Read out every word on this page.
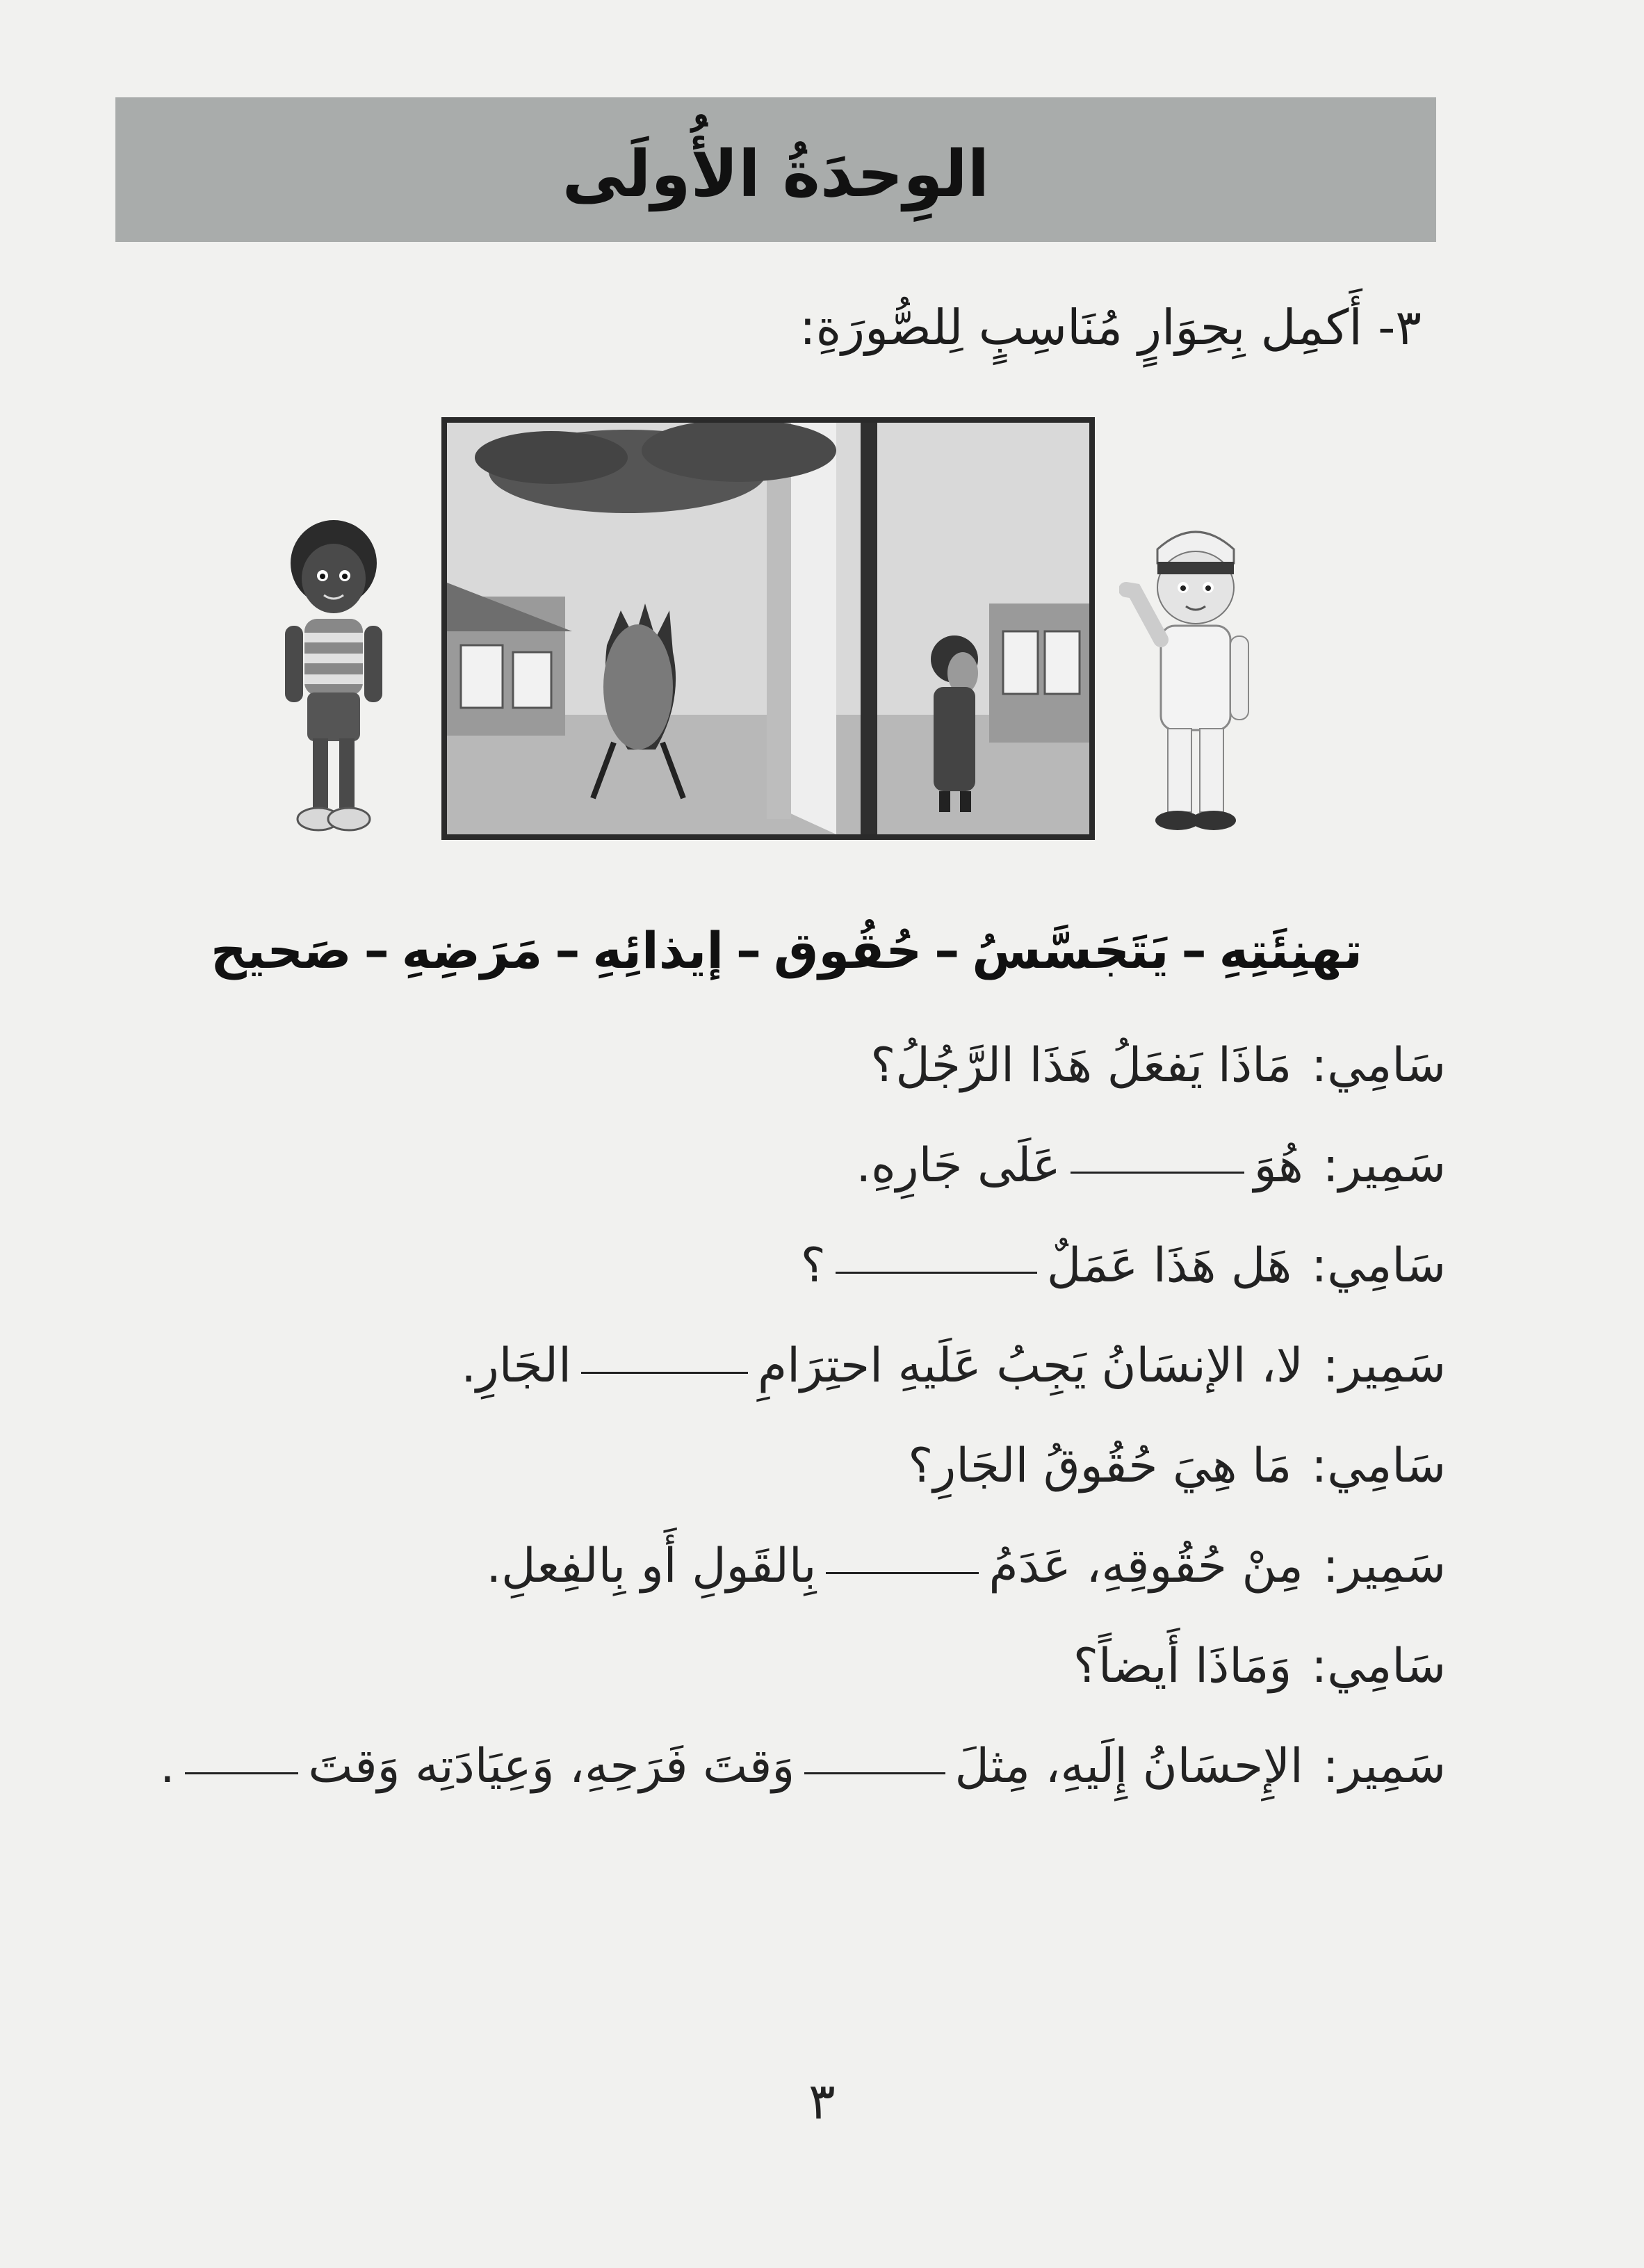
الوِحدَةُ الأُولَى
٣- أَكمِل بِحِوَارٍ مُنَاسِبٍ لِلصُّورَةِ:
تهنِئَتِهِ–يَتَجَسَّسُ–حُقُوق–إيذائِهِ–مَرَضِهِ–صَحيح
سَامِي:
مَاذَا يَفعَلُ هَذَا الرَّجُلُ؟
سَمِير:
هُوَ
عَلَى جَارِهِ.
سَامِي:
هَل هَذَا عَمَلٌ
؟
سَمِير:
لا، الإنسَانُ يَجِبُ عَلَيهِ احتِرَامِ
الجَارِ.
سَامِي:
مَا هِيَ حُقُوقُ الجَارِ؟
سَمِير:
مِنْ حُقُوقِهِ، عَدَمُ
بِالقَولِ أَو بِالفِعلِ.
سَامِي:
وَمَاذَا أَيضاً؟
سَمِير:
الإِحسَانُ إِلَيهِ، مِثلَ
وَقتَ فَرَحِهِ، وَعِيَادَتِه وَقتَ
.
٣
